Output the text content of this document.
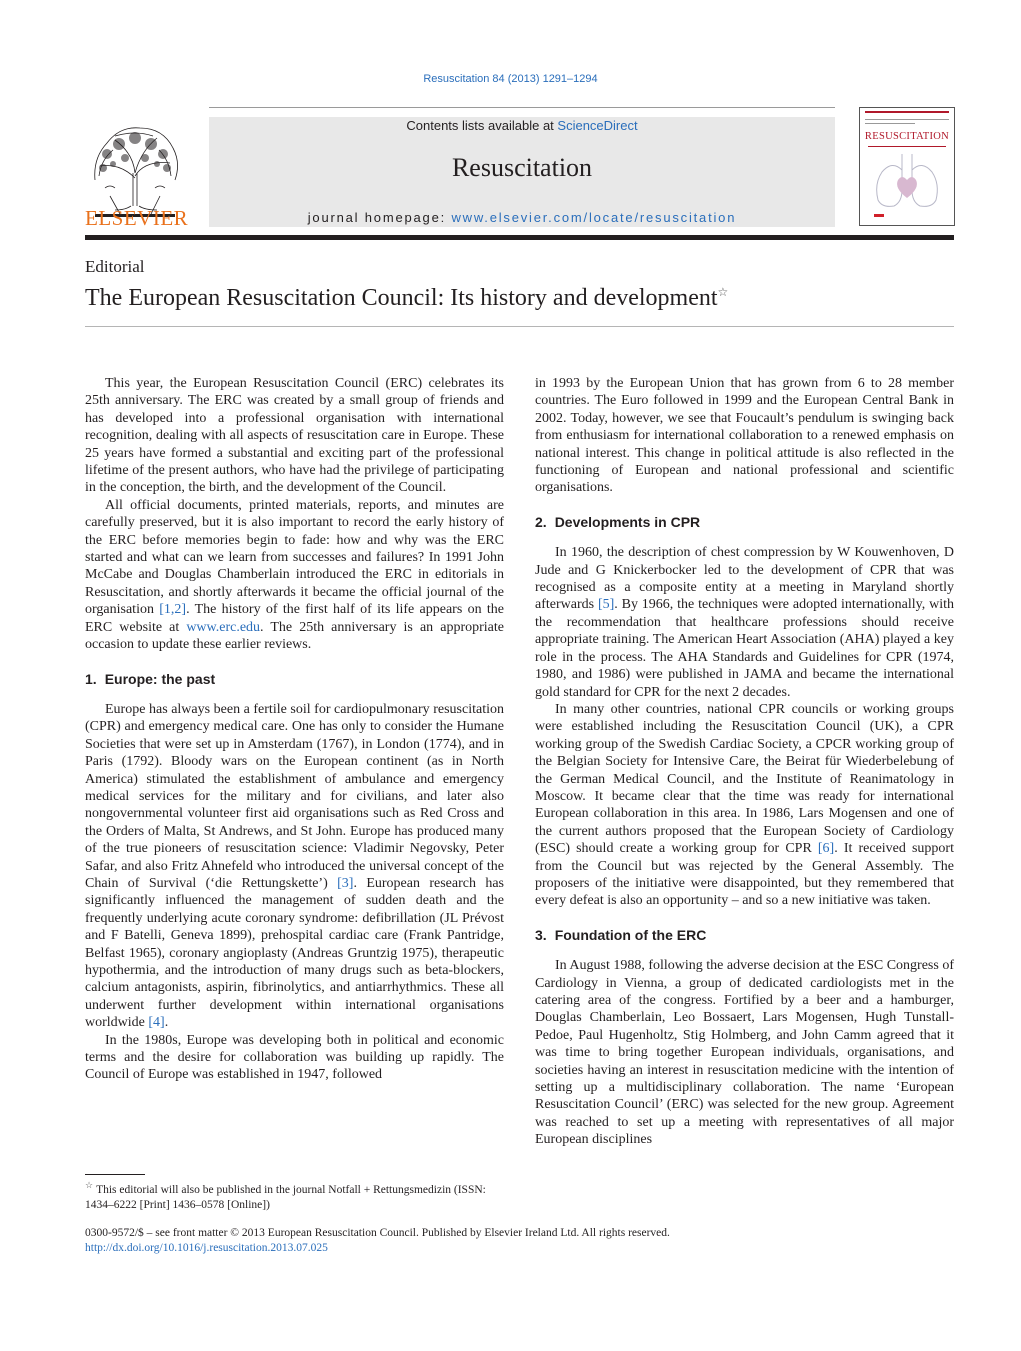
Resuscitation 84 (2013) 1291–1294
ELSEVIER
Contents lists available at ScienceDirect
Resuscitation
journal homepage: www.elsevier.com/locate/resuscitation
RESUSCITATION
Editorial
The European Resuscitation Council: Its history and development☆

This year, the European Resuscitation Council (ERC) celebrates its 25th anniversary. The ERC was created by a small group of friends and has developed into a professional organisation with international recognition, dealing with all aspects of resuscitation care in Europe. These 25 years have formed a substantial and exciting part of the professional lifetime of the present authors, who have had the privilege of participating in the conception, the birth, and the development of the Council.

All official documents, printed materials, reports, and minutes are carefully preserved, but it is also important to record the early history of the ERC before memories begin to fade: how and why was the ERC started and what can we learn from successes and failures? In 1991 John McCabe and Douglas Chamberlain introduced the ERC in editorials in Resuscitation, and shortly afterwards it became the official journal of the organisation [1,2]. The history of the first half of its life appears on the ERC website at www.erc.edu. The 25th anniversary is an appropriate occasion to update these earlier reviews.

1. Europe: the past

Europe has always been a fertile soil for cardiopulmonary resuscitation (CPR) and emergency medical care. One has only to consider the Humane Societies that were set up in Amsterdam (1767), in London (1774), and in Paris (1792). Bloody wars on the European continent (as in North America) stimulated the establishment of ambulance and emergency medical services for the military and for civilians, and later also nongovernmental volunteer first aid organisations such as Red Cross and the Orders of Malta, St Andrews, and St John. Europe has produced many of the true pioneers of resuscitation science: Vladimir Negovsky, Peter Safar, and also Fritz Ahnefeld who introduced the universal concept of the Chain of Survival (‘die Rettungskette’) [3]. European research has significantly influenced the management of sudden death and the frequently underlying acute coronary syndrome: defibrillation (JL Prévost and F Batelli, Geneva 1899), prehospital cardiac care (Frank Pantridge, Belfast 1965), coronary angioplasty (Andreas Gruntzig 1975), therapeutic hypothermia, and the introduction of many drugs such as beta-blockers, calcium antagonists, aspirin, fibrinolytics, and antiarrhythmics. These all underwent further development within international organisations worldwide [4].

In the 1980s, Europe was developing both in political and economic terms and the desire for collaboration was building up rapidly. The Council of Europe was established in 1947, followed

in 1993 by the European Union that has grown from 6 to 28 member countries. The Euro followed in 1999 and the European Central Bank in 2002. Today, however, we see that Foucault’s pendulum is swinging back from enthusiasm for international collaboration to a renewed emphasis on national interest. This change in political attitude is also reflected in the functioning of European and national professional and scientific organisations.

2. Developments in CPR

In 1960, the description of chest compression by W Kouwenhoven, D Jude and G Knickerbocker led to the development of CPR that was recognised as a composite entity at a meeting in Maryland shortly afterwards [5]. By 1966, the techniques were adopted internationally, with the recommendation that healthcare professions should receive appropriate training. The American Heart Association (AHA) played a key role in the process. The AHA Standards and Guidelines for CPR (1974, 1980, and 1986) were published in JAMA and became the international gold standard for CPR for the next 2 decades.

In many other countries, national CPR councils or working groups were established including the Resuscitation Council (UK), a CPR working group of the Swedish Cardiac Society, a CPCR working group of the Belgian Society for Intensive Care, the Beirat für Wiederbelebung of the German Medical Council, and the Institute of Reanimatology in Moscow. It became clear that the time was ready for international European collaboration in this area. In 1986, Lars Mogensen and one of the current authors proposed that the European Society of Cardiology (ESC) should create a working group for CPR [6]. It received support from the Council but was rejected by the General Assembly. The proposers of the initiative were disappointed, but they remembered that every defeat is also an opportunity – and so a new initiative was taken.

3. Foundation of the ERC

In August 1988, following the adverse decision at the ESC Congress of Cardiology in Vienna, a group of dedicated cardiologists met in the catering area of the congress. Fortified by a beer and a hamburger, Douglas Chamberlain, Leo Bossaert, Lars Mogensen, Hugh Tunstall-Pedoe, Paul Hugenholtz, Stig Holmberg, and John Camm agreed that it was time to bring together European individuals, organisations, and societies having an interest in resuscitation medicine with the intention of setting up a multidisciplinary collaboration. The name ‘European Resuscitation Council’ (ERC) was selected for the new group. Agreement was reached to set up a meeting with representatives of all major European disciplines

☆ This editorial will also be published in the journal Notfall + Rettungsmedizin (ISSN: 1434–6222 [Print] 1436–0578 [Online])
0300-9572/$ – see front matter © 2013 European Resuscitation Council. Published by Elsevier Ireland Ltd. All rights reserved.
http://dx.doi.org/10.1016/j.resuscitation.2013.07.025
